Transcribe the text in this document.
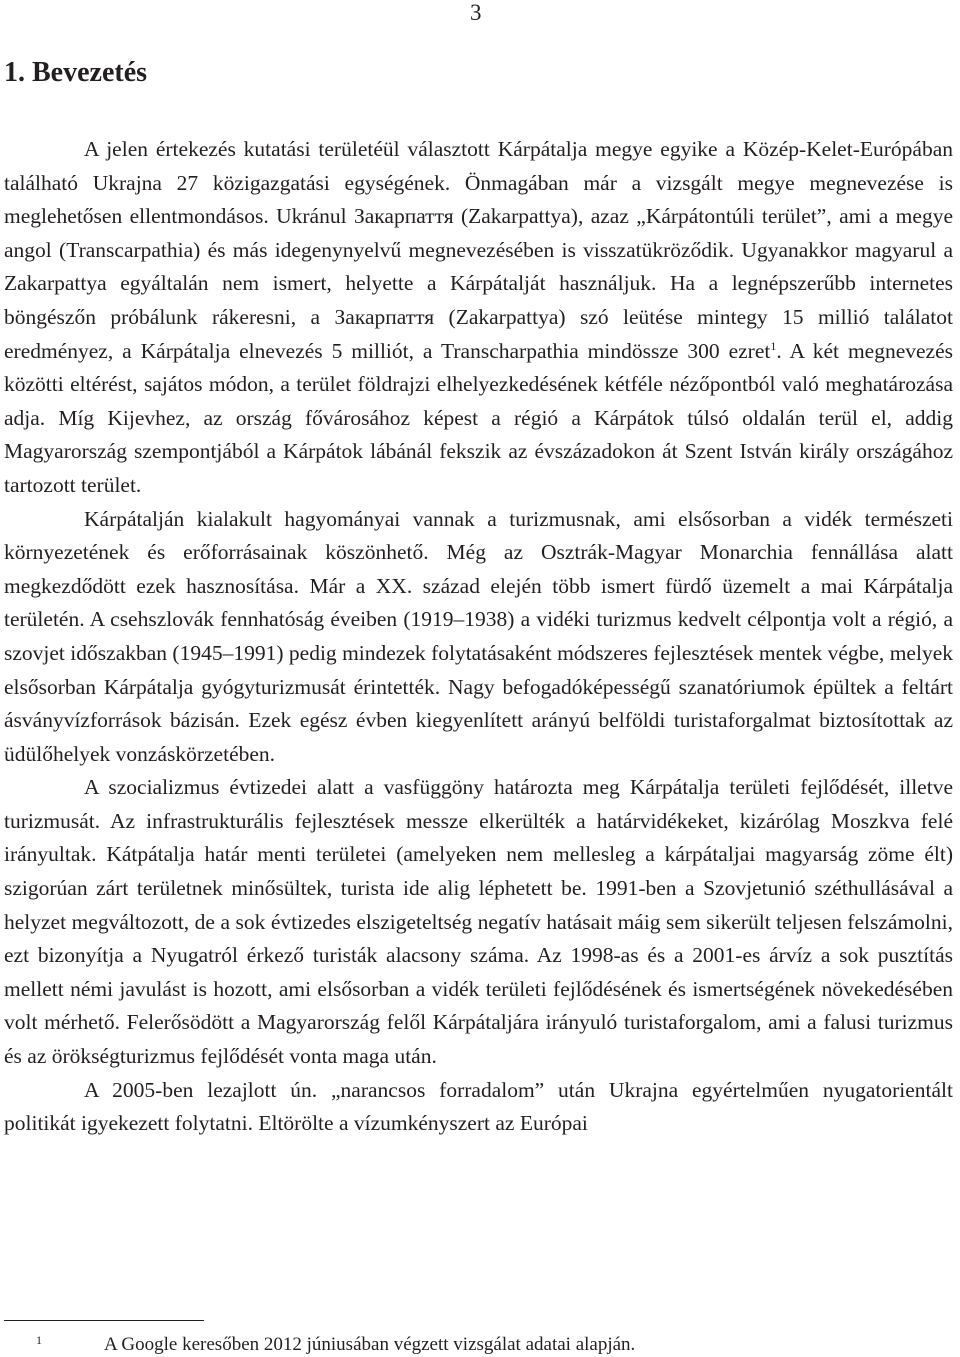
3
1. Bevezetés

A jelen értekezés kutatási területéül választott Kárpátalja megye egyike a Közép-Kelet-Európában található Ukrajna 27 közigazgatási egységének. Önmagában már a vizsgált megye megnevezése is meglehetősen ellentmondásos. Ukránul Закарпаття (Zakarpattya), azaz „Kárpátontúli terület”, ami a megye angol (Transcarpathia) és más idegenynyelvű megnevezésében is visszatükröződik. Ugyanakkor magyarul a Zakarpattya egyáltalán nem ismert, helyette a Kárpátalját használjuk. Ha a legnépszerűbb internetes böngészőn próbálunk rákeresni, a Закарпаття (Zakarpattya) szó leütése mintegy 15 millió találatot eredményez, a Kárpátalja elnevezés 5 milliót, a Transcharpathia mindössze 300 ezret$^1$. A két megnevezés közötti eltérést, sajátos módon, a terület földrajzi elhelyezkedésének kétféle nézőpontból való meghatározása adja. Míg Kijevhez, az ország fővárosához képest a régió a Kárpátok túlsó oldalán terül el, addig Magyarország szempontjából a Kárpátok lábánál fekszik az évszázadokon át Szent István király országához tartozott terület.

Kárpátalján kialakult hagyományai vannak a turizmusnak, ami elsősorban a vidék természeti környezetének és erőforrásainak köszönhető. Még az Osztrák-Magyar Monarchia fennállása alatt megkezdődött ezek hasznosítása. Már a XX. század elején több ismert fürdő üzemelt a mai Kárpátalja területén. A csehszlovák fennhatóság éveiben (1919–1938) a vidéki turizmus kedvelt célpontja volt a régió, a szovjet időszakban (1945–1991) pedig mindezek folytatásaként módszeres fejlesztések mentek végbe, melyek elsősorban Kárpátalja gyógyturizmusát érintették. Nagy befogadóképességű szanatóriumok épültek a feltárt ásványvízforrások bázisán. Ezek egész évben kiegyenlített arányú belföldi turistaforgalmat biztosítottak az üdülőhelyek vonzáskörzetében.

A szocializmus évtizedei alatt a vasfüggöny határozta meg Kárpátalja területi fejlődését, illetve turizmusát. Az infrastrukturális fejlesztések messze elkerülték a határvidékeket, kizárólag Moszkva felé irányultak. Kátpátalja határ menti területei (amelyeken nem mellesleg a kárpátaljai magyarság zöme élt) szigorúan zárt területnek minősültek, turista ide alig léphetett be. 1991-ben a Szovjetunió széthullásával a helyzet megváltozott, de a sok évtizedes elszigeteltség negatív hatásait máig sem sikerült teljesen felszámolni, ezt bizonyítja a Nyugatról érkező turisták alacsony száma. Az 1998-as és a 2001-es árvíz a sok pusztítás mellett némi javulást is hozott, ami elsősorban a vidék területi fejlődésének és ismertségének növekedésében volt mérhető. Felerősödött a Magyarország felől Kárpátaljára irányuló turistaforgalom, ami a falusi turizmus és az örökségturizmus fejlődését vonta maga után.

A 2005-ben lezajlott ún. „narancsos forradalom” után Ukrajna egyértelműen nyugatorientált politikát igyekezett folytatni. Eltörölte a vízumkényszert az Európai

1	A Google keresőben 2012 júniusában végzett vizsgálat adatai alapján.
